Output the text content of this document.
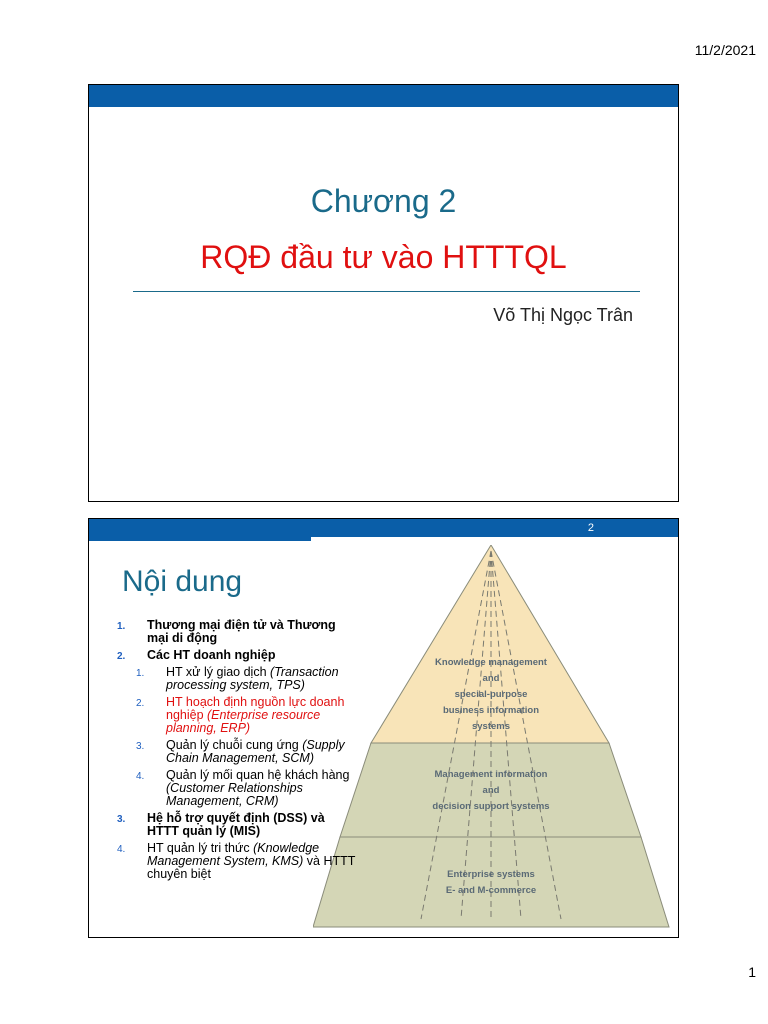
11/2/2021
Chương 2
RQĐ đầu tư vào HTTTQL
Võ Thị Ngọc Trân
2
Knowledge management
and
special-purpose
business information
systems
Management information
and
decision support systems
Enterprise systems
E- and M-commerce
Nội dung
1. Thương mại điện tử và Thương mại di động
2. Các HT doanh nghiệp
1. HT xử lý giao dịch (Transaction processing system, TPS)
2. HT hoạch định nguồn lực doanh nghiệp (Enterprise resource planning, ERP)
3. Quản lý chuỗi cung ứng (Supply Chain Management, SCM)
4. Quản lý mối quan hệ khách hàng (Customer Relationships Management, CRM)
3. Hệ hỗ trợ quyết định (DSS) và HTTT quản lý (MIS)
4. HT quản lý tri thức (Knowledge Management System, KMS) và HTTT chuyên biệt
1
